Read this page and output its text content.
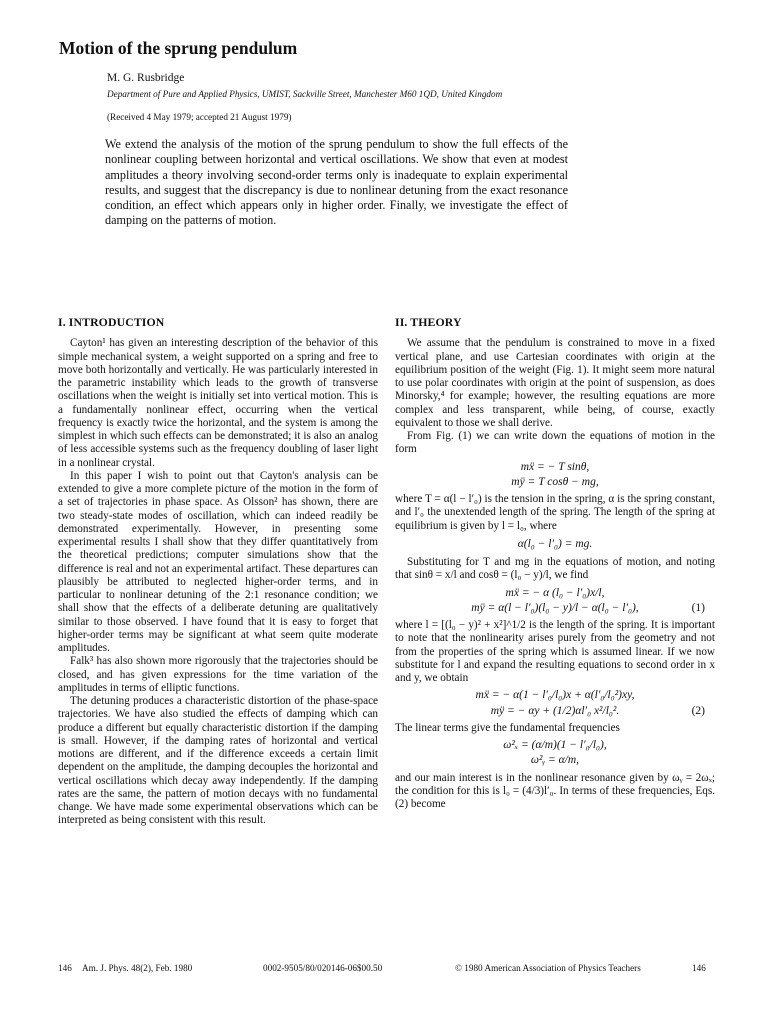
Motion of the sprung pendulum
M. G. Rusbridge
Department of Pure and Applied Physics, UMIST, Sackville Street, Manchester M60 1QD, United Kingdom
(Received 4 May 1979; accepted 21 August 1979)

We extend the analysis of the motion of the sprung pendulum to show the full effects of the nonlinear coupling between horizontal and vertical oscillations. We show that even at modest amplitudes a theory involving second-order terms only is inadequate to explain experimental results, and suggest that the discrepancy is due to nonlinear detuning from the exact resonance condition, an effect which appears only in higher order. Finally, we investigate the effect of damping on the patterns of motion.

I. INTRODUCTION

Cayton¹ has given an interesting description of the behavior of this simple mechanical system, a weight supported on a spring and free to move both horizontally and vertically. He was particularly interested in the parametric instability which leads to the growth of transverse oscillations when the weight is initially set into vertical motion. This is a fundamentally nonlinear effect, occurring when the vertical frequency is exactly twice the horizontal, and the system is among the simplest in which such effects can be demonstrated; it is also an analog of less accessible systems such as the frequency doubling of laser light in a nonlinear crystal.

In this paper I wish to point out that Cayton's analysis can be extended to give a more complete picture of the motion in the form of a set of trajectories in phase space. As Olsson² has shown, there are two steady-state modes of oscillation, which can indeed readily be demonstrated experimentally. However, in presenting some experimental results I shall show that they differ quantitatively from the theoretical predictions; computer simulations show that the difference is real and not an experimental artifact. These departures can plausibly be attributed to neglected higher-order terms, and in particular to nonlinear detuning of the 2:1 resonance condition; we shall show that the effects of a deliberate detuning are qualitatively similar to those observed. I have found that it is easy to forget that higher-order terms may be significant at what seem quite moderate amplitudes.

Falk³ has also shown more rigorously that the trajectories should be closed, and has given expressions for the time variation of the amplitudes in terms of elliptic functions.

The detuning produces a characteristic distortion of the phase-space trajectories. We have also studied the effects of damping which can produce a different but equally characteristic distortion if the damping is small. However, if the damping rates of horizontal and vertical motions are different, and if the difference exceeds a certain limit dependent on the amplitude, the damping decouples the horizontal and vertical oscillations which decay away independently. If the damping rates are the same, the pattern of motion decays with no fundamental change. We have made some experimental observations which can be interpreted as being consistent with this result.

II. THEORY

We assume that the pendulum is constrained to move in a fixed vertical plane, and use Cartesian coordinates with origin at the equilibrium position of the weight (Fig. 1). It might seem more natural to use polar coordinates with origin at the point of suspension, as does Minorsky,⁴ for example; however, the resulting equations are more complex and less transparent, while being, of course, exactly equivalent to those we shall derive.

From Fig. (1) we can write down the equations of motion in the form

mẍ = − T sinθ,
mÿ = T cosθ − mg,

where T = α(l − l′₀) is the tension in the spring, α is the spring constant, and l′₀ the unextended length of the spring. The length of the spring at equilibrium is given by l = l₀, where

α(l₀ − l′₀) = mg.

Substituting for T and mg in the equations of motion, and noting that sinθ = x/l and cosθ = (l₀ − y)/l, we find

mẍ = − α (l₀ − l′₀)x/l,
mÿ = α(l − l′₀)(l₀ − y)/l − α(l₀ − l′₀),	(1)

where l = [(l₀ − y)² + x²]^1/2 is the length of the spring. It is important to note that the nonlinearity arises purely from the geometry and not from the properties of the spring which is assumed linear. If we now substitute for l and expand the resulting equations to second order in x and y, we obtain

mẍ = − α(1 − l′₀/l₀)x + α(l′₀/l₀²)xy,
mÿ = − αy + (1/2)αl′₀ x²/l₀².	(2)

The linear terms give the fundamental frequencies

ω²ₓ = (α/m)(1 − l′₀/l₀),
ω²ᵧ = α/m,

and our main interest is in the nonlinear resonance given by ωᵧ = 2ωₓ; the condition for this is l₀ = (4/3)l′₀. In terms of these frequencies, Eqs. (2) become

146 Am. J. Phys. 48(2), Feb. 1980	0002-9505/80/020146-06$00.50	© 1980 American Association of Physics Teachers	146
